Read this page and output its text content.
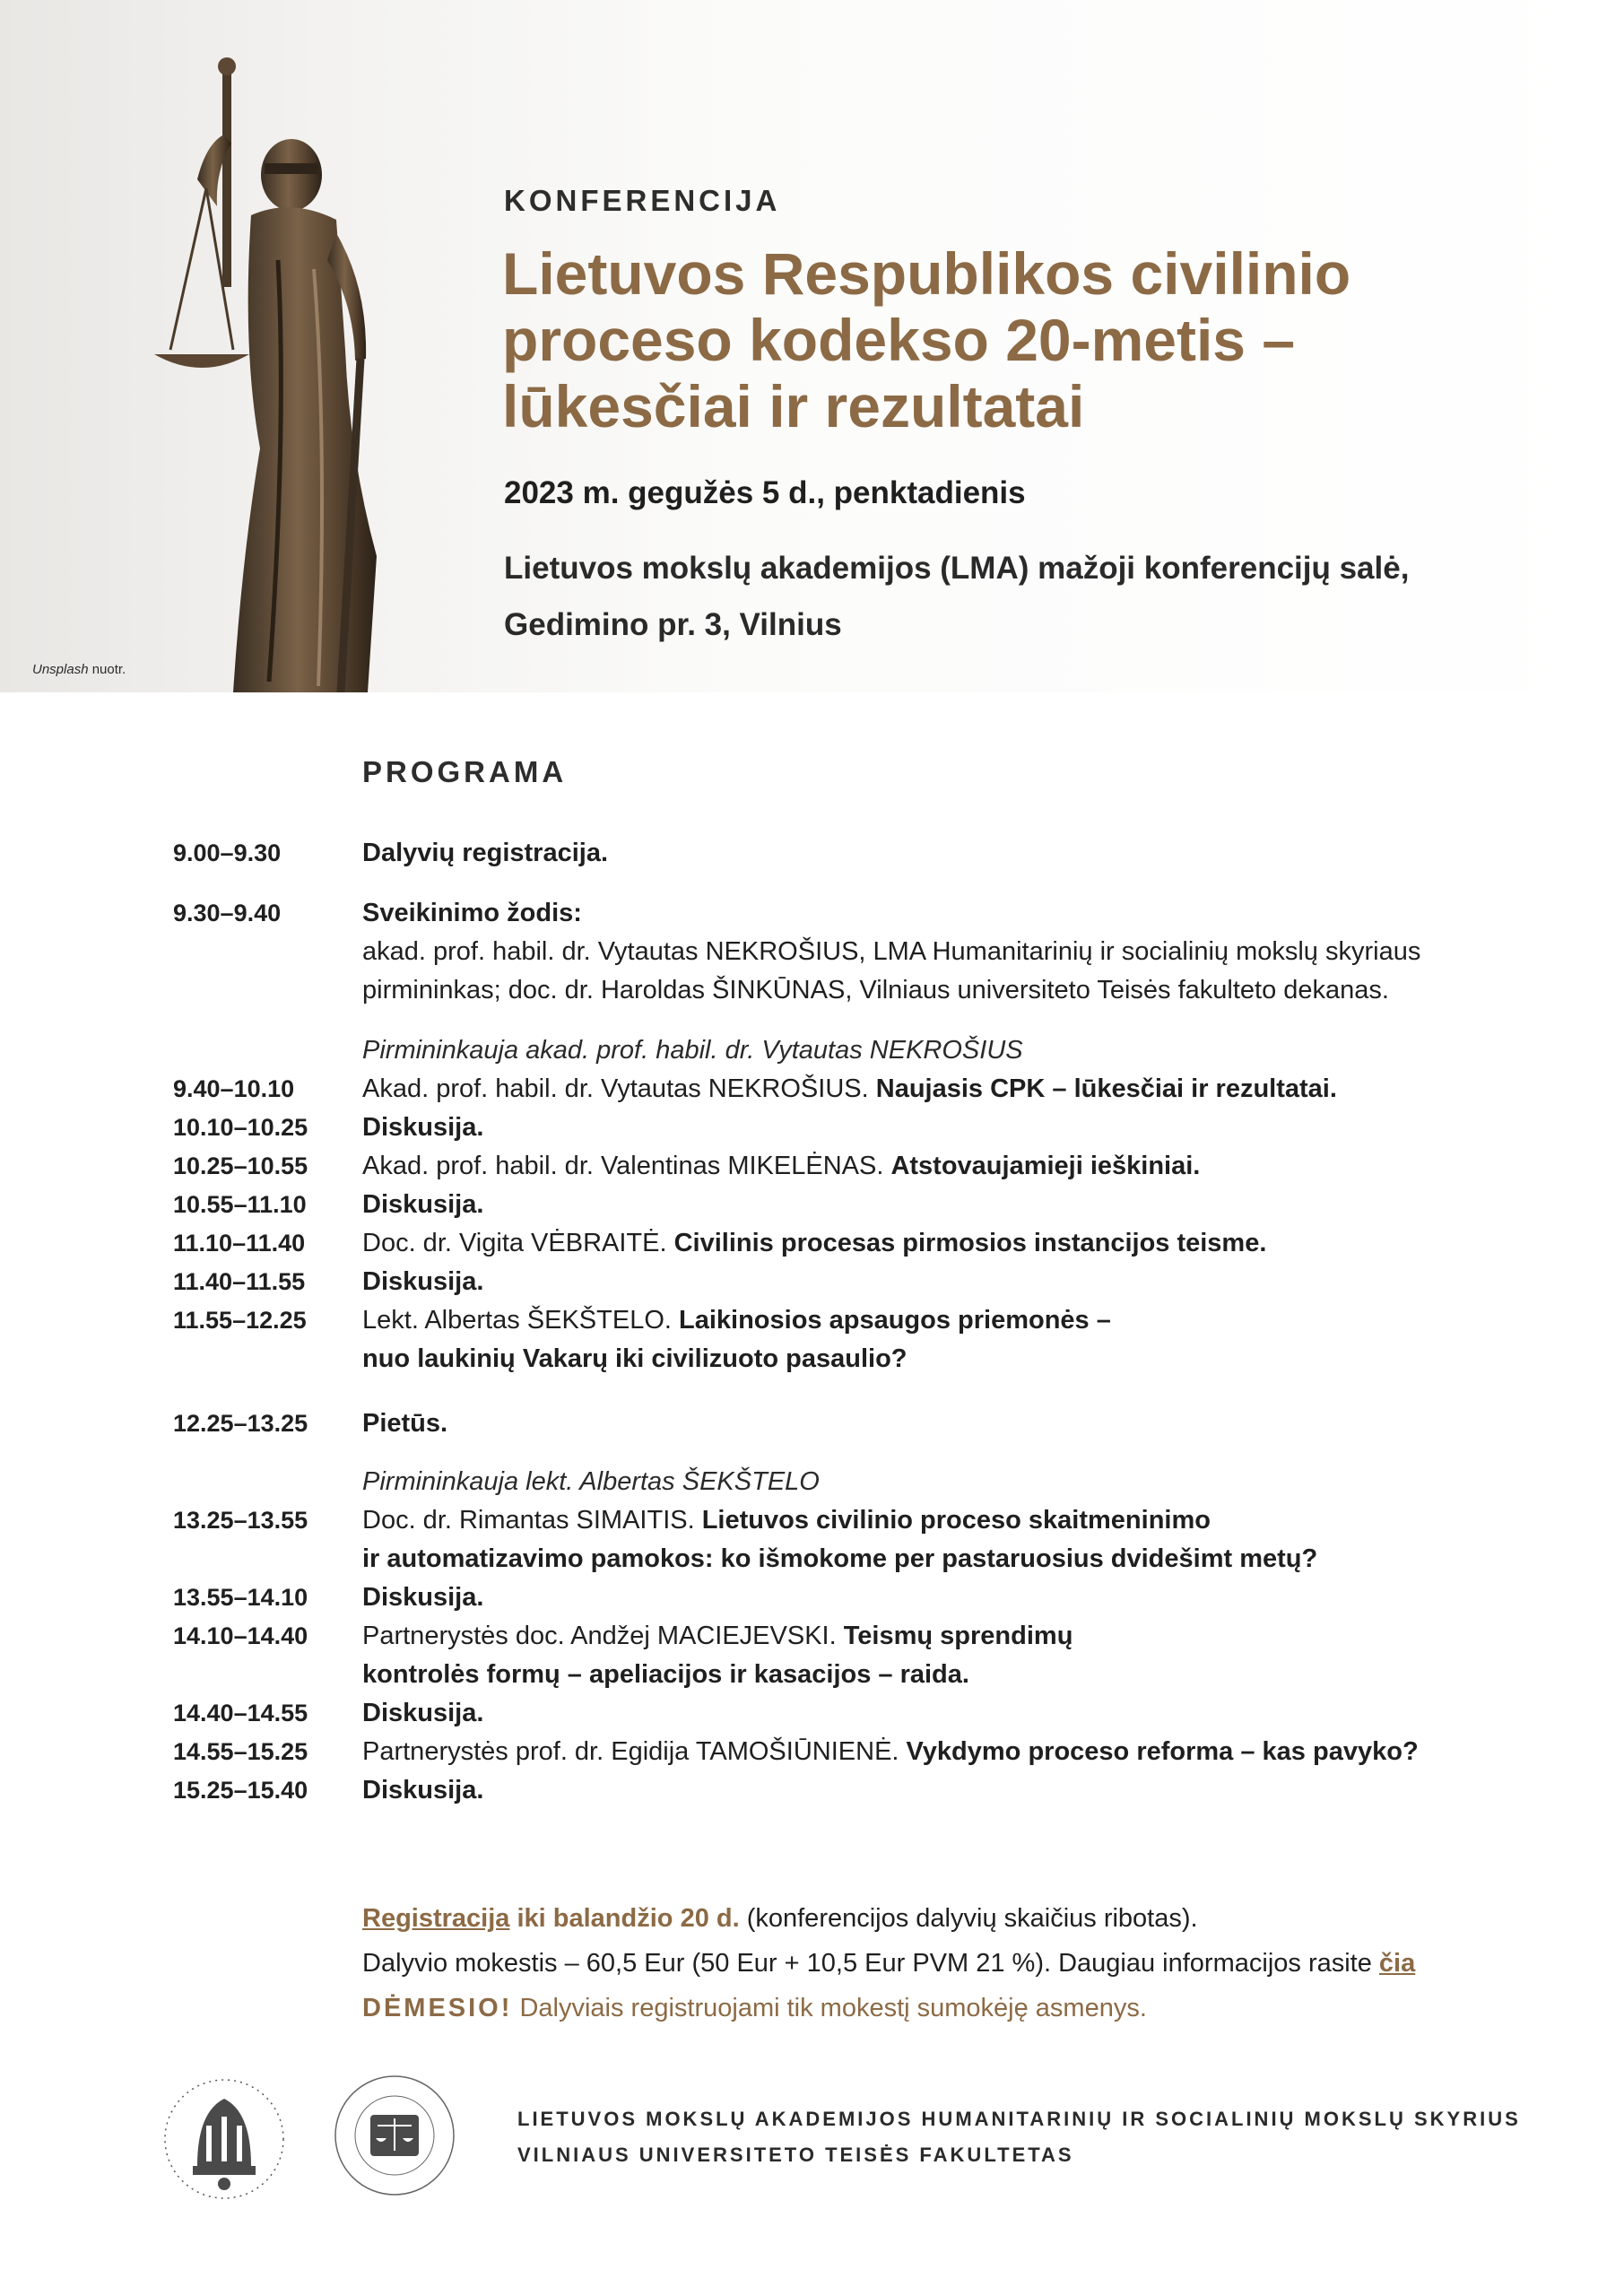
Unsplash nuotr.
KONFERENCIJA
Lietuvos Respublikos civilinio
proceso kodekso 20-metis –
lūkesčiai ir rezultatai
2023 m. gegužės 5 d., penktadienis
Lietuvos mokslų akademijos (LMA) mažoji konferencijų salė,
Gedimino pr. 3, Vilnius
PROGRAMA
9.00–9.30	Dalyvių registracija.
9.30–9.40	Sveikinimo žodis:
akad. prof. habil. dr. Vytautas NEKROŠIUS, LMA Humanitarinių ir socialinių mokslų skyriaus
pirmininkas; doc. dr. Haroldas ŠINKŪNAS, Vilniaus universiteto Teisės fakulteto dekanas.
Pirmininkauja akad. prof. habil. dr. Vytautas NEKROŠIUS
9.40–10.10	Akad. prof. habil. dr. Vytautas NEKROŠIUS. Naujasis CPK – lūkesčiai ir rezultatai.
10.10–10.25	Diskusija.
10.25–10.55	Akad. prof. habil. dr. Valentinas MIKELĖNAS. Atstovaujamieji ieškiniai.
10.55–11.10	Diskusija.
11.10–11.40	Doc. dr. Vigita VĖBRAITĖ. Civilinis procesas pirmosios instancijos teisme.
11.40–11.55	Diskusija.
11.55–12.25	Lekt. Albertas ŠEKŠTELO. Laikinosios apsaugos priemonės –
nuo laukinių Vakarų iki civilizuoto pasaulio?
12.25–13.25	Pietūs.
Pirmininkauja lekt. Albertas ŠEKŠTELO
13.25–13.55	Doc. dr. Rimantas SIMAITIS. Lietuvos civilinio proceso skaitmeninimo
ir automatizavimo pamokos: ko išmokome per pastaruosius dvidešimt metų?
13.55–14.10	Diskusija.
14.10–14.40	Partnerystės doc. Andžej MACIEJEVSKI. Teismų sprendimų
kontrolės formų – apeliacijos ir kasacijos – raida.
14.40–14.55	Diskusija.
14.55–15.25	Partnerystės prof. dr. Egidija TAMOŠIŪNIENĖ. Vykdymo proceso reforma – kas pavyko?
15.25–15.40	Diskusija.
Registracija iki balandžio 20 d. (konferencijos dalyvių skaičius ribotas).
Dalyvio mokestis – 60,5 Eur (50 Eur + 10,5 Eur PVM 21 %). Daugiau informacijos rasite čia
DĖMESIO! Dalyviais registruojami tik mokestį sumokėję asmenys.
LIETUVOS MOKSLŲ AKADEMIJOS HUMANITARINIŲ IR SOCIALINIŲ MOKSLŲ SKYRIUS
VILNIAUS UNIVERSITETO TEISĖS FAKULTETAS
